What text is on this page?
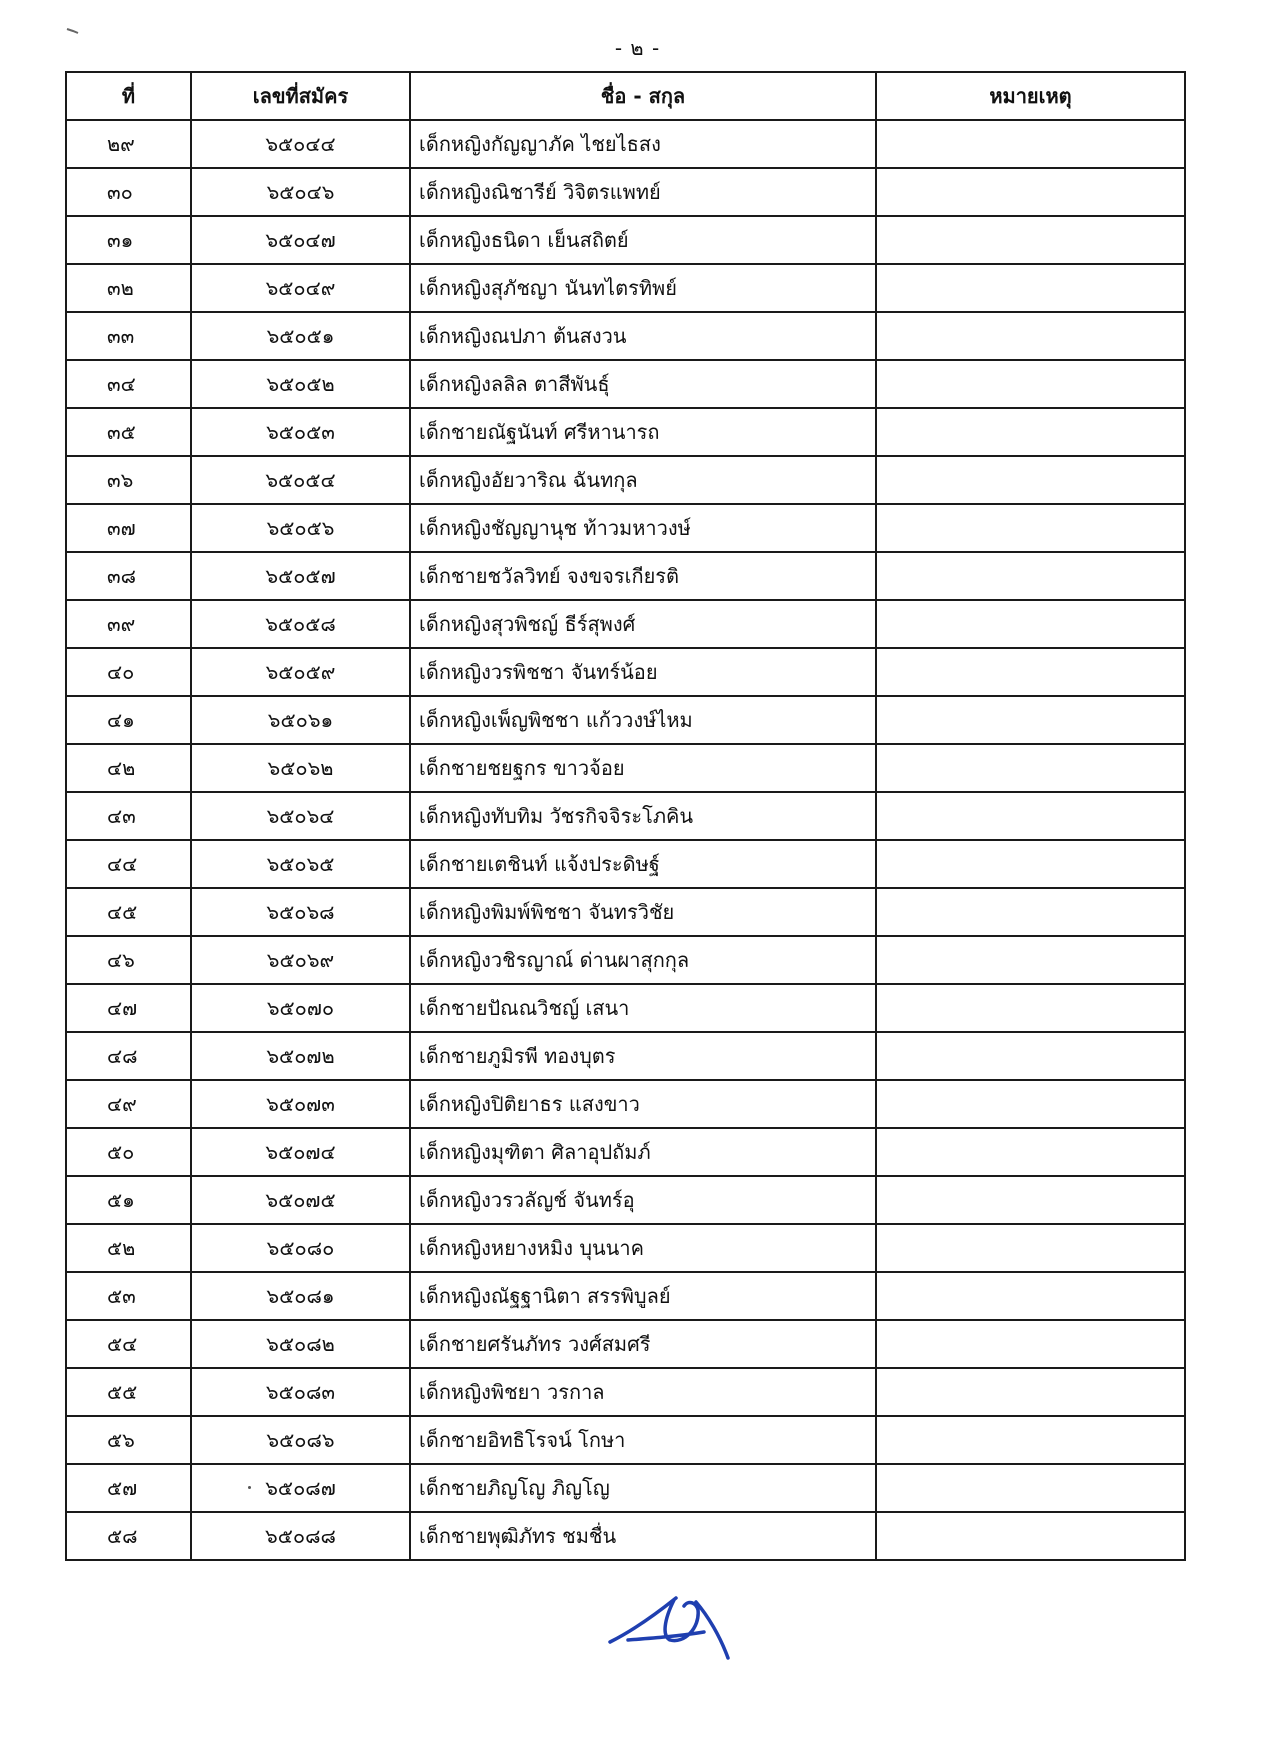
- ๒ -
ที่	เลขที่สมัคร	ชื่อ - สกุล	หมายเหตุ
๒๙	๖๕๐๔๔	เด็กหญิงกัญญาภัค ไชยไธสง	
๓๐	๖๕๐๔๖	เด็กหญิงณิชารีย์ วิจิตรแพทย์	
๓๑	๖๕๐๔๗	เด็กหญิงธนิดา เย็นสถิตย์	
๓๒	๖๕๐๔๙	เด็กหญิงสุภัชญา นันทไตรทิพย์	
๓๓	๖๕๐๕๑	เด็กหญิงณปภา ต้นสงวน	
๓๔	๖๕๐๕๒	เด็กหญิงลลิล ตาสีพันธุ์	
๓๕	๖๕๐๕๓	เด็กชายณัฐนันท์ ศรีหานารถ	
๓๖	๖๕๐๕๔	เด็กหญิงอัยวาริณ ฉันทกุล	
๓๗	๖๕๐๕๖	เด็กหญิงชัญญานุช ท้าวมหาวงษ์	
๓๘	๖๕๐๕๗	เด็กชายชวัลวิทย์ จงขจรเกียรติ	
๓๙	๖๕๐๕๘	เด็กหญิงสุวพิชญ์ ธีร์สุพงศ์	
๔๐	๖๕๐๕๙	เด็กหญิงวรพิชชา จันทร์น้อย	
๔๑	๖๕๐๖๑	เด็กหญิงเพ็ญพิชชา แก้ววงษ์ไหม	
๔๒	๖๕๐๖๒	เด็กชายชยฐกร ขาวจ้อย	
๔๓	๖๕๐๖๔	เด็กหญิงทับทิม วัชรกิจจิระโภคิน	
๔๔	๖๕๐๖๕	เด็กชายเตชินท์ แจ้งประดิษฐ์	
๔๕	๖๕๐๖๘	เด็กหญิงพิมพ์พิชชา จันทรวิชัย	
๔๖	๖๕๐๖๙	เด็กหญิงวชิรญาณ์ ด่านผาสุกกุล	
๔๗	๖๕๐๗๐	เด็กชายปัณณวิชญ์ เสนา	
๔๘	๖๕๐๗๒	เด็กชายภูมิรพี ทองบุตร	
๔๙	๖๕๐๗๓	เด็กหญิงปิติยาธร แสงขาว	
๕๐	๖๕๐๗๔	เด็กหญิงมุฑิตา ศิลาอุปถัมภ์	
๕๑	๖๕๐๗๕	เด็กหญิงวรวลัญช์ จันทร์อุ	
๕๒	๖๕๐๘๐	เด็กหญิงหยางหมิง บุนนาค	
๕๓	๖๕๐๘๑	เด็กหญิงณัฐฐานิตา สรรพิบูลย์	
๕๔	๖๕๐๘๒	เด็กชายศรันภัทร วงศ์สมศรี	
๕๕	๖๕๐๘๓	เด็กหญิงพิชยา วรกาล	
๕๖	๖๕๐๘๖	เด็กชายอิทธิโรจน์ โกษา	
๕๗	๖๕๐๘๗	เด็กชายภิญโญ ภิญโญ	
๕๘	๖๕๐๘๘	เด็กชายพุฒิภัทร ชมชื่น	
